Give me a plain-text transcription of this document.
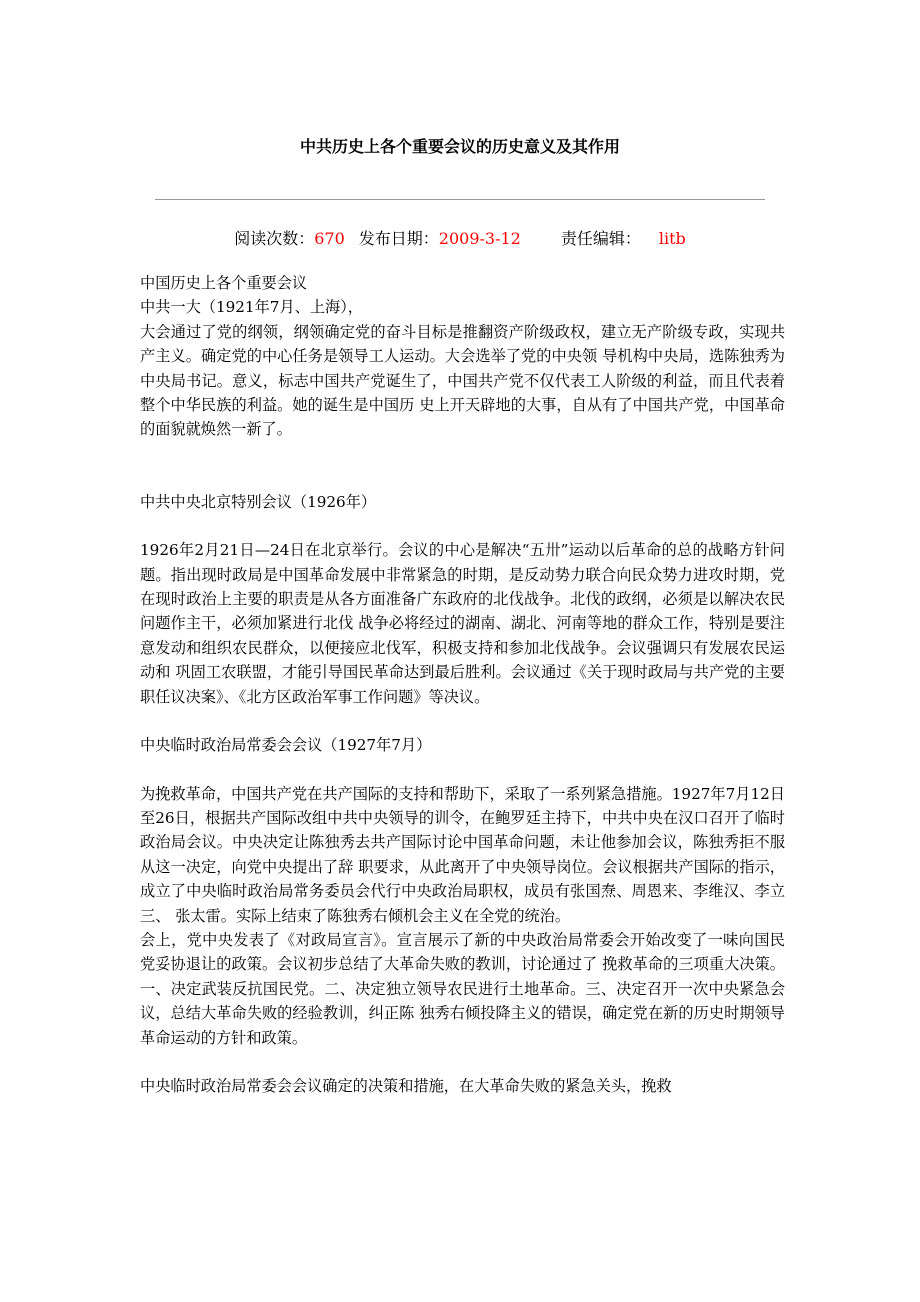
中共历史上各个重要会议的历史意义及其作用
阅读次数：670 发布日期：2009-3-12	责任编辑： litb

中国历史上各个重要会议

中共一大（1921年7月、上海），

大会通过了党的纲领，纲领确定党的奋斗目标是推翻资产阶级政权，建立无产阶级专政，实现共产主义。确定党的中心任务是领导工人运动。大会选举了党的中央领 导机构中央局，选陈独秀为中央局书记。意义，标志中国共产党诞生了，中国共产党不仅代表工人阶级的利益，而且代表着整个中华民族的利益。她的诞生是中国历 史上开天辟地的大事，自从有了中国共产党，中国革命的面貌就焕然一新了。

中共中央北京特别会议（1926年）

1926年2月21日—24日在北京举行。会议的中心是解决“五卅”运动以后革命的总的战略方针问题。指出现时政局是中国革命发展中非常紧急的时期，是反动势力联合向民众势力进攻时期，党在现时政治上主要的职责是从各方面准备广东政府的北伐战争。北伐的政纲，必须是以解决农民问题作主干，必须加紧进行北伐 战争必将经过的湖南、湖北、河南等地的群众工作，特别是要注意发动和组织农民群众，以便接应北伐军，积极支持和参加北伐战争。会议强调只有发展农民运动和 巩固工农联盟，才能引导国民革命达到最后胜利。会议通过《关于现时政局与共产党的主要职任议决案》、《北方区政治军事工作问题》等决议。

中央临时政治局常委会会议（1927年7月）

为挽救革命，中国共产党在共产国际的支持和帮助下，采取了一系列紧急措施。1927年7月12日至26日，根据共产国际改组中共中央领导的训令，在鲍罗廷主持下，中共中央在汉口召开了临时政治局会议。中央决定让陈独秀去共产国际讨论中国革命问题，未让他参加会议，陈独秀拒不服从这一决定，向党中央提出了辞 职要求，从此离开了中央领导岗位。会议根据共产国际的指示，成立了中央临时政治局常务委员会代行中央政治局职权，成员有张国焘、周恩来、李维汉、李立三、 张太雷。实际上结束了陈独秀右倾机会主义在全党的统治。

会上，党中央发表了《对政局宣言》。宣言展示了新的中央政治局常委会开始改变了一味向国民党妥协退让的政策。会议初步总结了大革命失败的教训，讨论通过了 挽救革命的三项重大决策。一、决定武装反抗国民党。二、决定独立领导农民进行土地革命。三、决定召开一次中央紧急会议，总结大革命失败的经验教训，纠正陈 独秀右倾投降主义的错误，确定党在新的历史时期领导革命运动的方针和政策。

中央临时政治局常委会会议确定的决策和措施，在大革命失败的紧急关头，挽救
